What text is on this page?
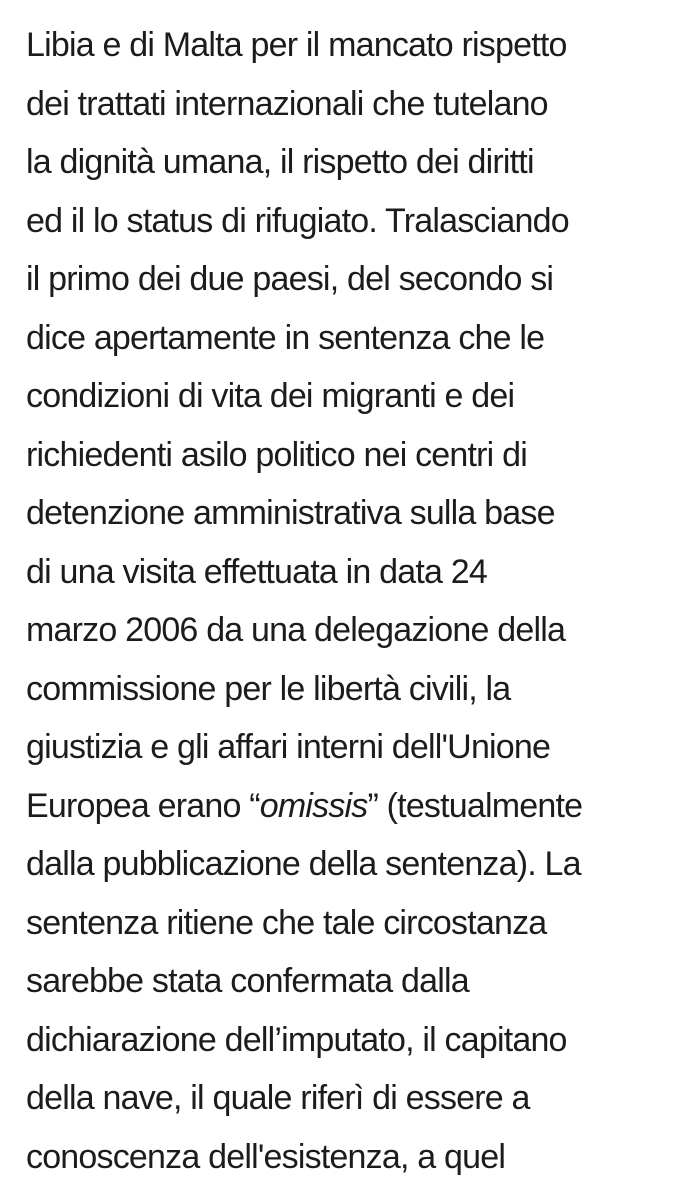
Libia e di Malta per il mancato rispetto
dei trattati internazionali che tutelano
la dignità umana, il rispetto dei diritti
ed il lo status di rifugiato. Tralasciando
il primo dei due paesi, del secondo si
dice apertamente in sentenza che le
condizioni di vita dei migranti e dei
richiedenti asilo politico nei centri di
detenzione amministrativa sulla base
di una visita effettuata in data 24
marzo 2006 da una delegazione della
commissione per le libertà civili, la
giustizia e gli affari interni dell'Unione
Europea erano “omissis” (testualmente
dalla pubblicazione della sentenza). La
sentenza ritiene che tale circostanza
sarebbe stata confermata dalla
dichiarazione dell’imputato, il capitano
della nave, il quale riferì di essere a
conoscenza dell'esistenza, a quel
